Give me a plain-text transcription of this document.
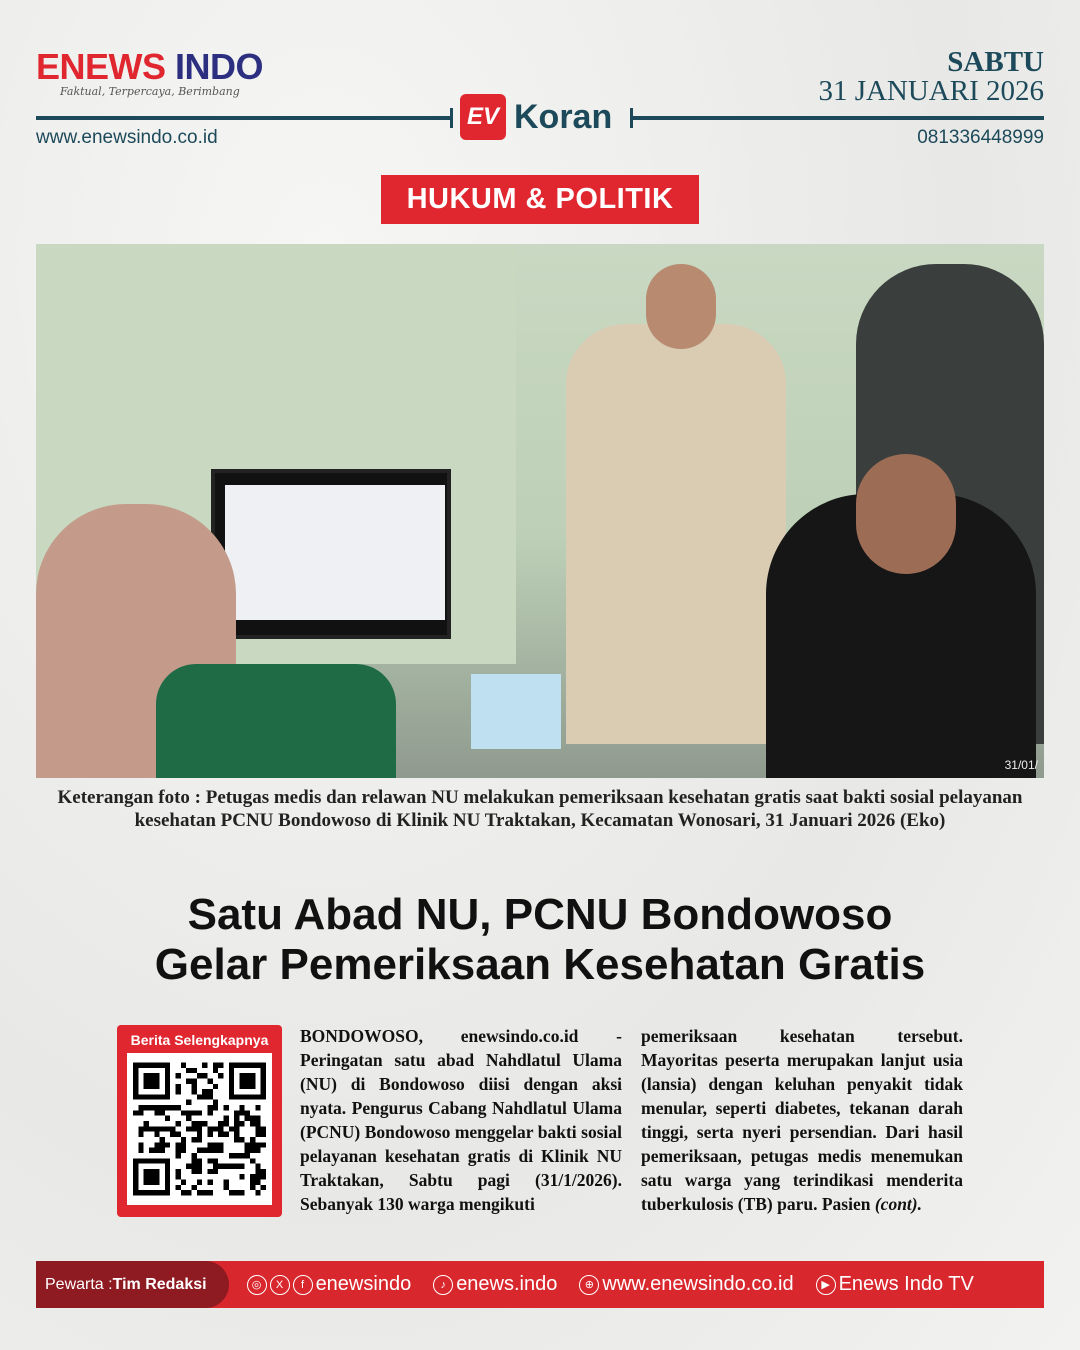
ENEWS INDO
Faktual, Terpercaya, Berimbang
SABTU
31 JANUARI 2026
EV Koran
www.enewsindo.co.id	081336448999
HUKUM & POLITIK
31/01/
Keterangan foto : Petugas medis dan relawan NU melakukan pemeriksaan kesehatan gratis saat bakti sosial pelayanan kesehatan PCNU Bondowoso di Klinik NU Traktakan, Kecamatan Wonosari, 31 Januari 2026 (Eko)
Satu Abad NU, PCNU Bondowoso
Gelar Pemeriksaan Kesehatan Gratis
Berita Selengkapnya	BONDOWOSO, enewsindo.co.id - Peringatan satu abad Nahdlatul Ulama (NU) di Bondowoso diisi dengan aksi nyata. Pengurus Cabang Nahdlatul Ulama (PCNU) Bondowoso menggelar bakti sosial pelayanan kesehatan gratis di Klinik NU Traktakan, Sabtu pagi (31/1/2026). Sebanyak 130 warga mengikuti
pemeriksaan kesehatan tersebut. Mayoritas peserta merupakan lanjut usia (lansia) dengan keluhan penyakit tidak menular, seperti diabetes, tekanan darah tinggi, serta nyeri persendian. Dari hasil pemeriksaan, petugas medis menemukan satu warga yang terindikasi menderita tuberkulosis (TB) paru. Pasien (cont).
Pewarta : Tim Redaksi	◎	X	f enewsindo	♪ enews.indo	⊕ www.enewsindo.co.id	▶ Enews Indo TV
